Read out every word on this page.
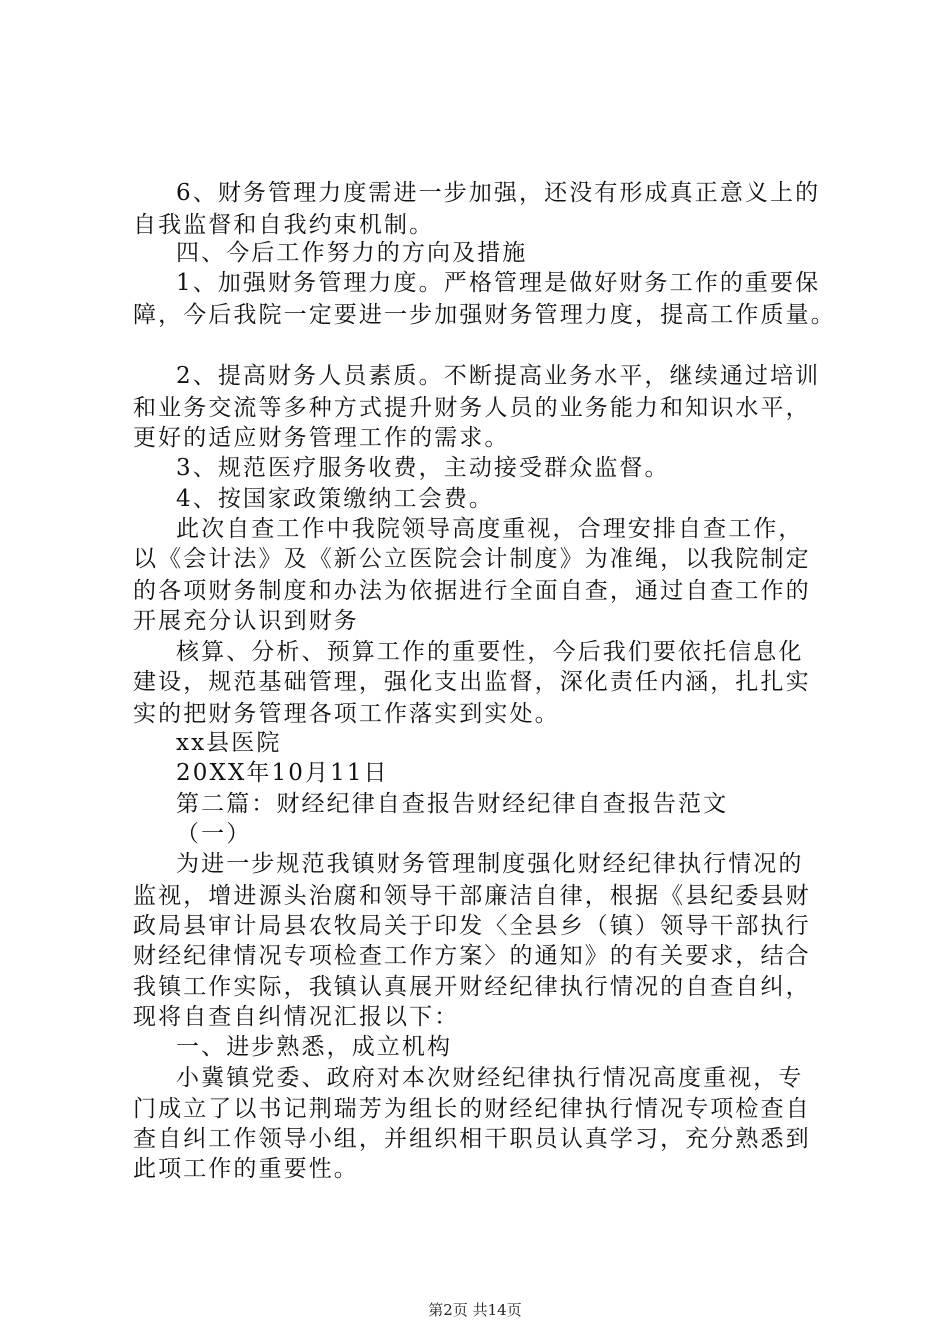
6、财务管理力度需进一步加强，还没有形成真正意义上的
自我监督和自我约束机制。
四、今后工作努力的方向及措施
1、加强财务管理力度。严格管理是做好财务工作的重要保
障，今后我院一定要进一步加强财务管理力度，提高工作质量。
2、提高财务人员素质。不断提高业务水平，继续通过培训
和业务交流等多种方式提升财务人员的业务能力和知识水平，
更好的适应财务管理工作的需求。
3、规范医疗服务收费，主动接受群众监督。
4、按国家政策缴纳工会费。
此次自查工作中我院领导高度重视，合理安排自查工作，
以《会计法》及《新公立医院会计制度》为准绳，以我院制定
的各项财务制度和办法为依据进行全面自查，通过自查工作的
开展充分认识到财务
核算、分析、预算工作的重要性，今后我们要依托信息化
建设，规范基础管理，强化支出监督，深化责任内涵，扎扎实
实的把财务管理各项工作落实到实处。
xx县医院
20XX年10月11日
第二篇：财经纪律自查报告财经纪律自查报告范文
（一）
为进一步规范我镇财务管理制度强化财经纪律执行情况的
监视，增进源头治腐和领导干部廉洁自律，根据《县纪委县财
政局县审计局县农牧局关于印发〈全县乡（镇）领导干部执行
财经纪律情况专项检查工作方案〉的通知》的有关要求，结合
我镇工作实际，我镇认真展开财经纪律执行情况的自查自纠，
现将自查自纠情况汇报以下：
一、进步熟悉，成立机构
小冀镇党委、政府对本次财经纪律执行情况高度重视，专
门成立了以书记荆瑞芳为组长的财经纪律执行情况专项检查自
查自纠工作领导小组，并组织相干职员认真学习，充分熟悉到
此项工作的重要性。
第2页 共14页
